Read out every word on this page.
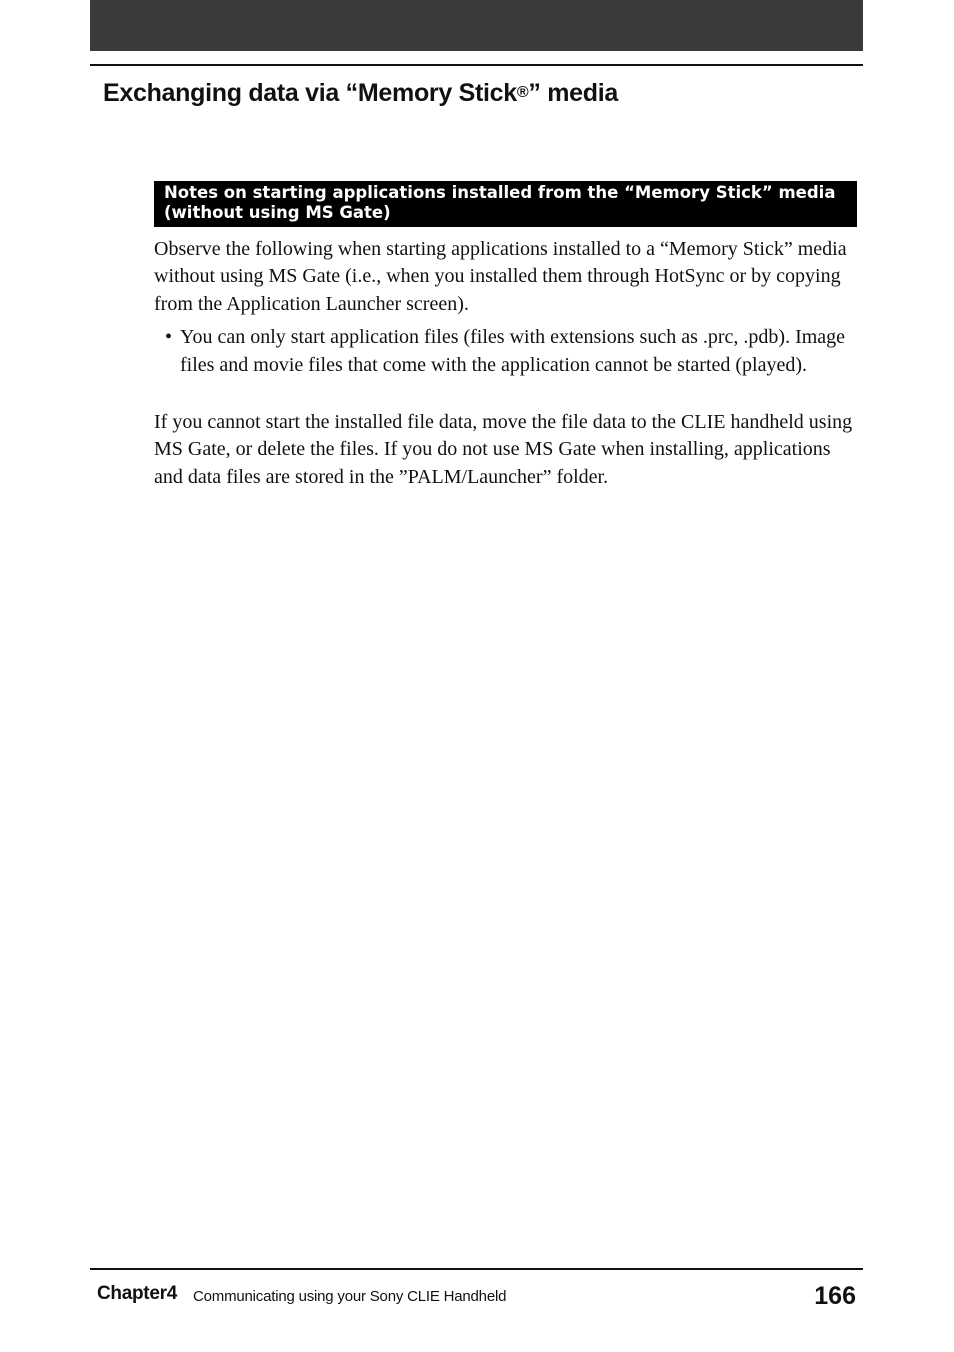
Exchanging data via “Memory Stick®” media
Notes on starting applications installed from the “Memory Stick” media
(without using MS Gate)

Observe the following when starting applications installed to a “Memory Stick” media without using MS Gate (i.e., when you installed them through HotSync or by copying from the Application Launcher screen).

• You can only start application files (files with extensions such as .prc, .pdb). Image files and movie files that come with the application cannot be started (played).

If you cannot start the installed file data, move the file data to the CLIE handheld using MS Gate, or delete the files. If you do not use MS Gate when installing, applications and data files are stored in the ”PALM/Launcher” folder.

Chapter4 Communicating using your Sony CLIE Handheld	166
